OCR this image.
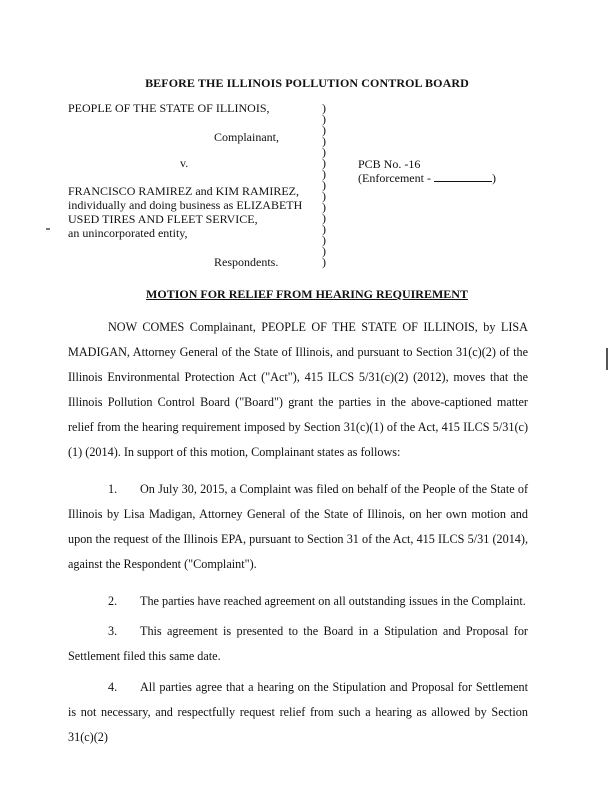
BEFORE THE ILLINOIS POLLUTION CONTROL BOARD
PEOPLE OF THE STATE OF ILLINOIS,
Complainant,
v.
FRANCISCO RAMIREZ and KIM RAMIREZ,
individually and doing business as ELIZABETH
USED TIRES AND FLEET SERVICE,
an unincorporated entity,
Respondents.
)
)
)
)
)
)
)
)
)
)
)
)
)
)
)
PCB No. -16
(Enforcement -	)
MOTION FOR RELIEF FROM HEARING REQUIREMENT
NOW COMES Complainant, PEOPLE OF THE STATE OF ILLINOIS, by LISA MADIGAN, Attorney General of the State of Illinois, and pursuant to Section 31(c)(2) of the Illinois Environmental Protection Act ("Act"), 415 ILCS 5/31(c)(2) (2012), moves that the Illinois Pollution Control Board ("Board") grant the parties in the above-captioned matter relief from the hearing requirement imposed by Section 31(c)(1) of the Act, 415 ILCS 5/31(c)(1) (2014). In support of this motion, Complainant states as follows:
1.	On July 30, 2015, a Complaint was filed on behalf of the People of the State of Illinois by Lisa Madigan, Attorney General of the State of Illinois, on her own motion and upon the request of the Illinois EPA, pursuant to Section 31 of the Act, 415 ILCS 5/31 (2014), against the Respondent ("Complaint").
2.	The parties have reached agreement on all outstanding issues in the Complaint.
3.	This agreement is presented to the Board in a Stipulation and Proposal for Settlement filed this same date.
4.	All parties agree that a hearing on the Stipulation and Proposal for Settlement is not necessary, and respectfully request relief from such a hearing as allowed by Section 31(c)(2)
